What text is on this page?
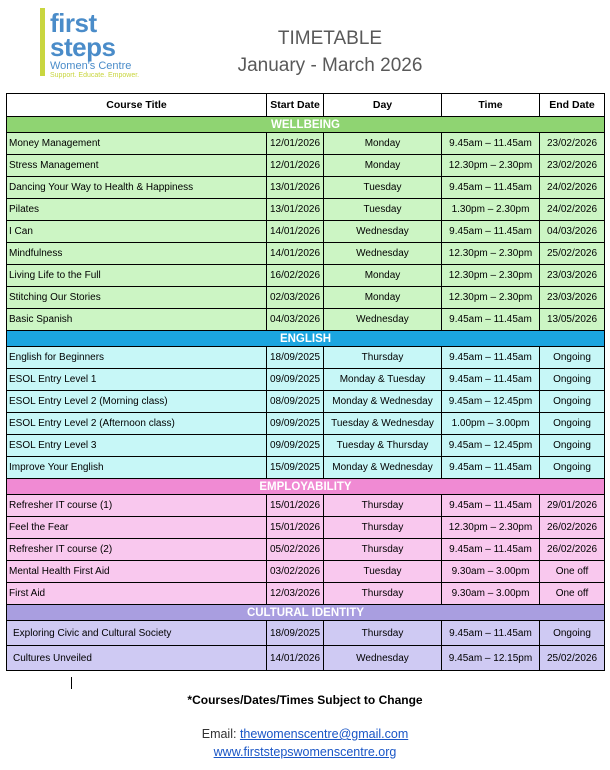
first
steps
Women's Centre
Support. Educate. Empower.
TIMETABLE
January - March 2026
Course Title	Start Date	Day	Time	End Date
WELLBEING				
Money Management	12/01/2026	Monday	9.45am – 11.45am	23/02/2026
Stress Management	12/01/2026	Monday	12.30pm – 2.30pm	23/02/2026
Dancing Your Way to Health & Happiness	13/01/2026	Tuesday	9.45am – 11.45am	24/02/2026
Pilates	13/01/2026	Tuesday	1.30pm – 2.30pm	24/02/2026
I Can	14/01/2026	Wednesday	9.45am – 11.45am	04/03/2026
Mindfulness	14/01/2026	Wednesday	12.30pm – 2.30pm	25/02/2026
Living Life to the Full	16/02/2026	Monday	12.30pm – 2.30pm	23/03/2026
Stitching Our Stories	02/03/2026	Monday	12.30pm – 2.30pm	23/03/2026
Basic Spanish	04/03/2026	Wednesday	9.45am – 11.45am	13/05/2026
ENGLISH				
English for Beginners	18/09/2025	Thursday	9.45am – 11.45am	Ongoing
ESOL Entry Level 1	09/09/2025	Monday & Tuesday	9.45am – 11.45am	Ongoing
ESOL Entry Level 2 (Morning class)	08/09/2025	Monday & Wednesday	9.45am – 12.45pm	Ongoing
ESOL Entry Level 2 (Afternoon class)	09/09/2025	Tuesday & Wednesday	1.00pm – 3.00pm	Ongoing
ESOL Entry Level 3	09/09/2025	Tuesday & Thursday	9.45am – 12.45pm	Ongoing
Improve Your English	15/09/2025	Monday & Wednesday	9.45am – 11.45am	Ongoing
EMPLOYABILITY				
Refresher IT course (1)	15/01/2026	Thursday	9.45am – 11.45am	29/01/2026
Feel the Fear	15/01/2026	Thursday	12.30pm – 2.30pm	26/02/2026
Refresher IT course (2)	05/02/2026	Thursday	9.45am – 11.45am	26/02/2026
Mental Health First Aid	03/02/2026	Tuesday	9.30am – 3.00pm	One off
First Aid	12/03/2026	Thursday	9.30am – 3.00pm	One off
CULTURAL IDENTITY				
Exploring Civic and Cultural Society	18/09/2025	Thursday	9.45am – 11.45am	Ongoing
Cultures Unveiled	14/01/2026	Wednesday	9.45am – 12.15pm	25/02/2026
*Courses/Dates/Times Subject to Change
Email: thewomenscentre@gmail.com
www.firststepswomenscentre.org
